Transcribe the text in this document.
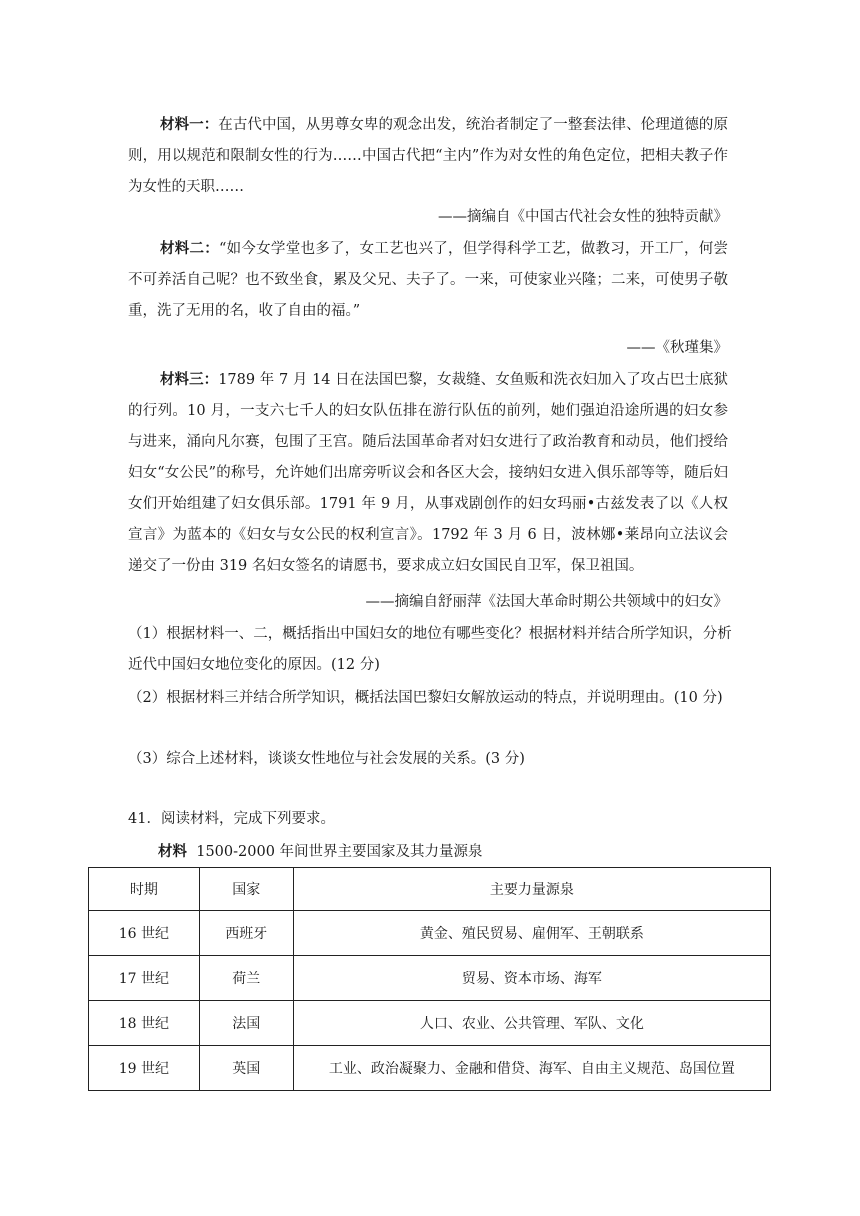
材料一：在古代中国，从男尊女卑的观念出发，统治者制定了一整套法律、伦理道德的原则，用以规范和限制女性的行为……中国古代把“主内”作为对女性的角色定位，把相夫教子作为女性的天职……
——摘编自《中国古代社会女性的独特贡献》
材料二：“如今女学堂也多了，女工艺也兴了，但学得科学工艺，做教习，开工厂，何尝不可养活自己呢？也不致坐食，累及父兄、夫子了。一来，可使家业兴隆；二来，可使男子敬重，洗了无用的名，收了自由的福。”
——《秋瑾集》
材料三：1789 年 7 月 14 日在法国巴黎，女裁缝、女鱼贩和洗衣妇加入了攻占巴士底狱的行列。10 月，一支六七千人的妇女队伍排在游行队伍的前列，她们强迫沿途所遇的妇女参与进来，涌向凡尔赛，包围了王宫。随后法国革命者对妇女进行了政治教育和动员，他们授给妇女“女公民”的称号，允许她们出席旁听议会和各区大会，接纳妇女进入俱乐部等等，随后妇女们开始组建了妇女俱乐部。1791 年 9 月，从事戏剧创作的妇女玛丽•古兹发表了以《人权宣言》为蓝本的《妇女与女公民的权利宣言》。1792 年 3 月 6 日，波林娜•莱昂向立法议会递交了一份由 319 名妇女签名的请愿书，要求成立妇女国民自卫军，保卫祖国。
——摘编自舒丽萍《法国大革命时期公共领域中的妇女》
（1）根据材料一、二，概括指出中国妇女的地位有哪些变化？根据材料并结合所学知识，分析近代中国妇女地位变化的原因。(12 分)
（2）根据材料三并结合所学知识，概括法国巴黎妇女解放运动的特点，并说明理由。(10 分)
（3）综合上述材料，谈谈女性地位与社会发展的关系。(3 分)
41．阅读材料，完成下列要求。
材料  1500-2000 年间世界主要国家及其力量源泉
时期	国家	主要力量源泉
16 世纪	西班牙	黄金、殖民贸易、雇佣军、王朝联系
17 世纪	荷兰	贸易、资本市场、海军
18 世纪	法国	人口、农业、公共管理、军队、文化
19 世纪	英国	工业、政治凝聚力、金融和借贷、海军、自由主义规范、岛国位置
